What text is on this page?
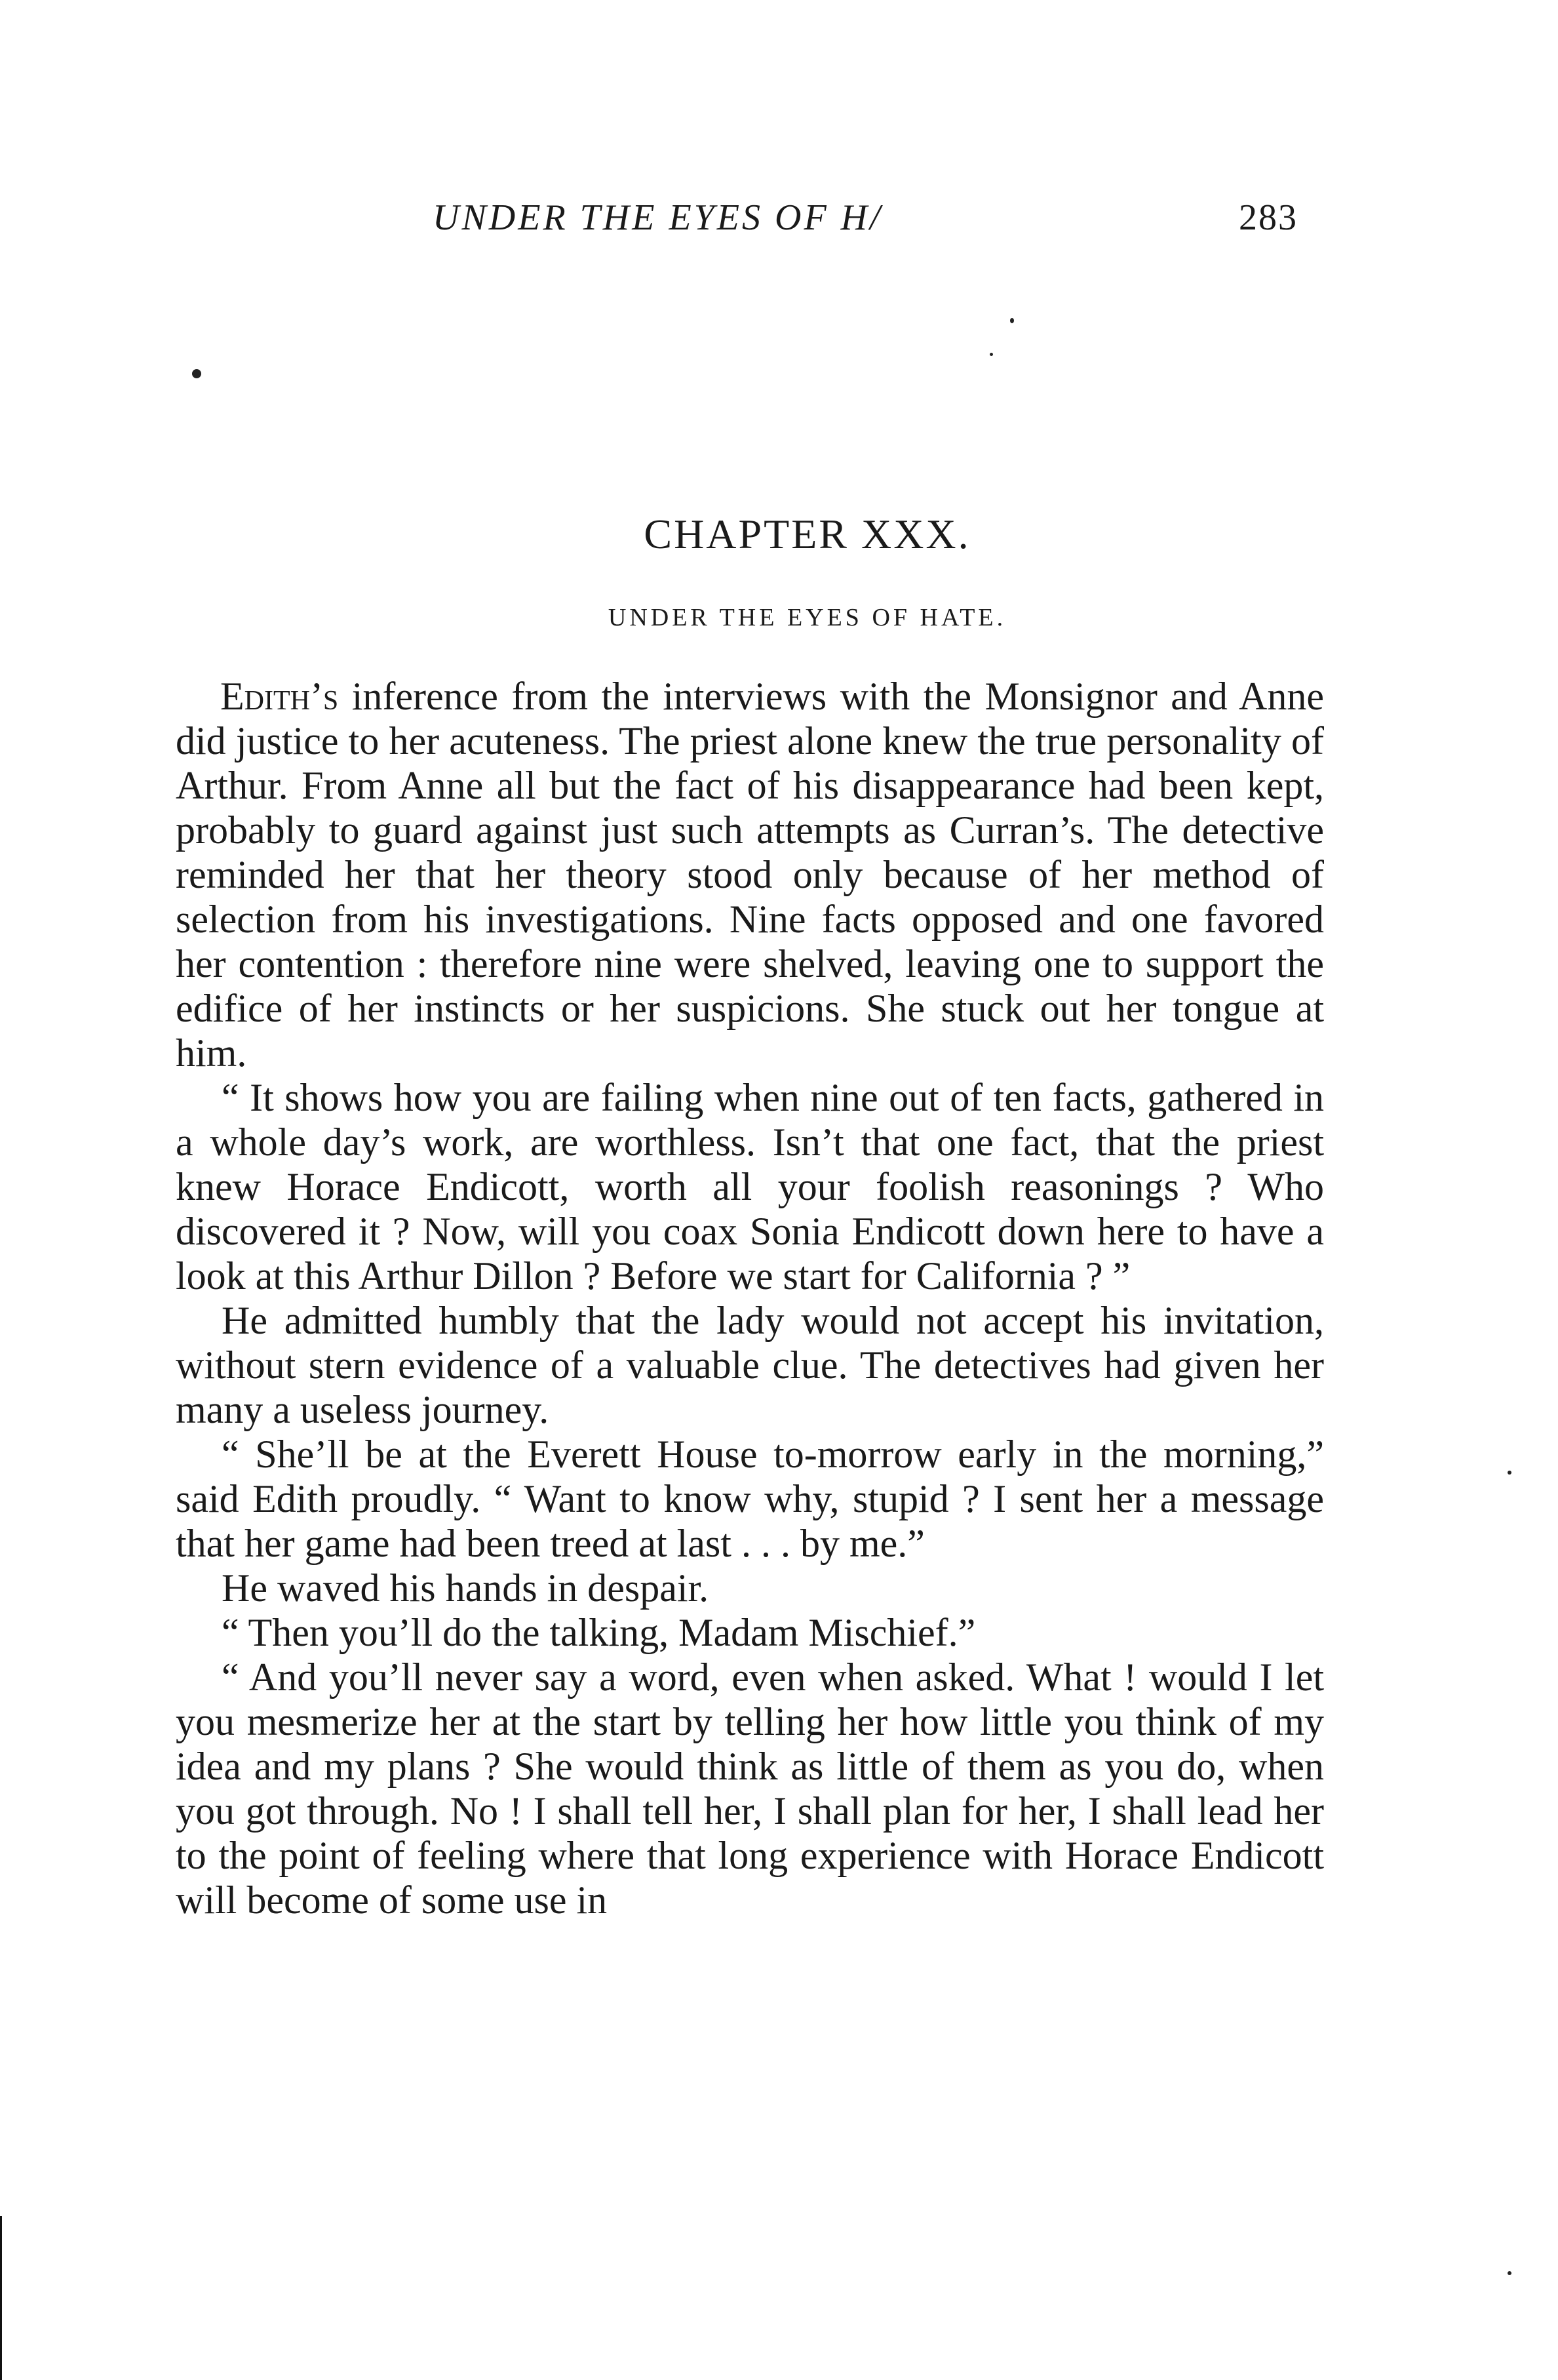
UNDER THE EYES OF H/	283
CHAPTER XXX.
UNDER THE EYES OF HATE.

Edith’s inference from the interviews with the Monsignor and Anne did justice to her acuteness. The priest alone knew the true personality of Arthur. From Anne all but the fact of his disappearance had been kept, probably to guard against just such attempts as Curran’s. The detective reminded her that her theory stood only because of her method of selection from his investigations. Nine facts opposed and one favored her contention : therefore nine were shelved, leaving one to support the edifice of her instincts or her suspicions. She stuck out her tongue at him.

“ It shows how you are failing when nine out of ten facts, gathered in a whole day’s work, are worthless. Isn’t that one fact, that the priest knew Horace Endicott, worth all your foolish reasonings ? Who discovered it ? Now, will you coax Sonia Endicott down here to have a look at this Arthur Dillon ? Before we start for California ? ”

He admitted humbly that the lady would not accept his invitation, without stern evidence of a valuable clue. The detectives had given her many a useless journey.

“ She’ll be at the Everett House to-morrow early in the morning,” said Edith proudly. “ Want to know why, stupid ? I sent her a message that her game had been treed at last . . . by me.”

He waved his hands in despair.

“ Then you’ll do the talking, Madam Mischief.”

“ And you’ll never say a word, even when asked. What ! would I let you mesmerize her at the start by telling her how little you think of my idea and my plans ? She would think as little of them as you do, when you got through. No ! I shall tell her, I shall plan for her, I shall lead her to the point of feeling where that long experience with Horace Endicott will become of some use in
